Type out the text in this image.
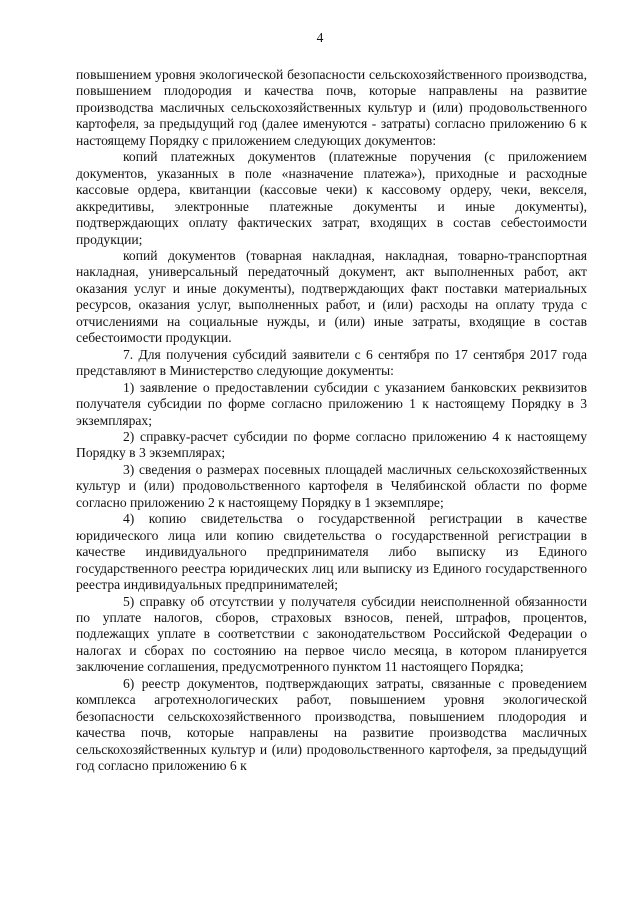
4

повышением уровня экологической безопасности сельскохозяйственного производства, повышением плодородия и качества почв, которые направлены на развитие производства масличных сельскохозяйственных культур и (или) продовольственного картофеля, за предыдущий год (далее именуются - затраты) согласно приложению 6 к настоящему Порядку с приложением следующих документов:

копий платежных документов (платежные поручения (с приложением документов, указанных в поле «назначение платежа»), приходные и расходные кассовые ордера, квитанции (кассовые чеки) к кассовому ордеру, чеки, векселя, аккредитивы, электронные платежные документы и иные документы), подтверждающих оплату фактических затрат, входящих в состав себестоимости продукции;

копий документов (товарная накладная, накладная, товарно-транспортная накладная, универсальный передаточный документ, акт выполненных работ, акт оказания услуг и иные документы), подтверждающих факт поставки материальных ресурсов, оказания услуг, выполненных работ, и (или) расходы на оплату труда с отчислениями на социальные нужды, и (или) иные затраты, входящие в состав себестоимости продукции.

7. Для получения субсидий заявители с 6 сентября по 17 сентября 2017 года представляют в Министерство следующие документы:

1) заявление о предоставлении субсидии с указанием банковских реквизитов получателя субсидии по форме согласно приложению 1 к настоящему Порядку в 3 экземплярах;

2) справку-расчет субсидии по форме согласно приложению 4 к настоящему Порядку в 3 экземплярах;

3) сведения о размерах посевных площадей масличных сельскохозяйственных культур и (или) продовольственного картофеля в Челябинской области по форме согласно приложению 2 к настоящему Порядку в 1 экземпляре;

4) копию свидетельства о государственной регистрации в качестве юридического лица или копию свидетельства о государственной регистрации в качестве индивидуального предпринимателя либо выписку из Единого государственного реестра юридических лиц или выписку из Единого государственного реестра индивидуальных предпринимателей;

5) справку об отсутствии у получателя субсидии неисполненной обязанности по уплате налогов, сборов, страховых взносов, пеней, штрафов, процентов, подлежащих уплате в соответствии с законодательством Российской Федерации о налогах и сборах по состоянию на первое число месяца, в котором планируется заключение соглашения, предусмотренного пунктом 11 настоящего Порядка;

6) реестр документов, подтверждающих затраты, связанные с проведением комплекса агротехнологических работ, повышением уровня экологической безопасности сельскохозяйственного производства, повышением плодородия и качества почв, которые направлены на развитие производства масличных сельскохозяйственных культур и (или) продовольственного картофеля, за предыдущий год согласно приложению 6 к
